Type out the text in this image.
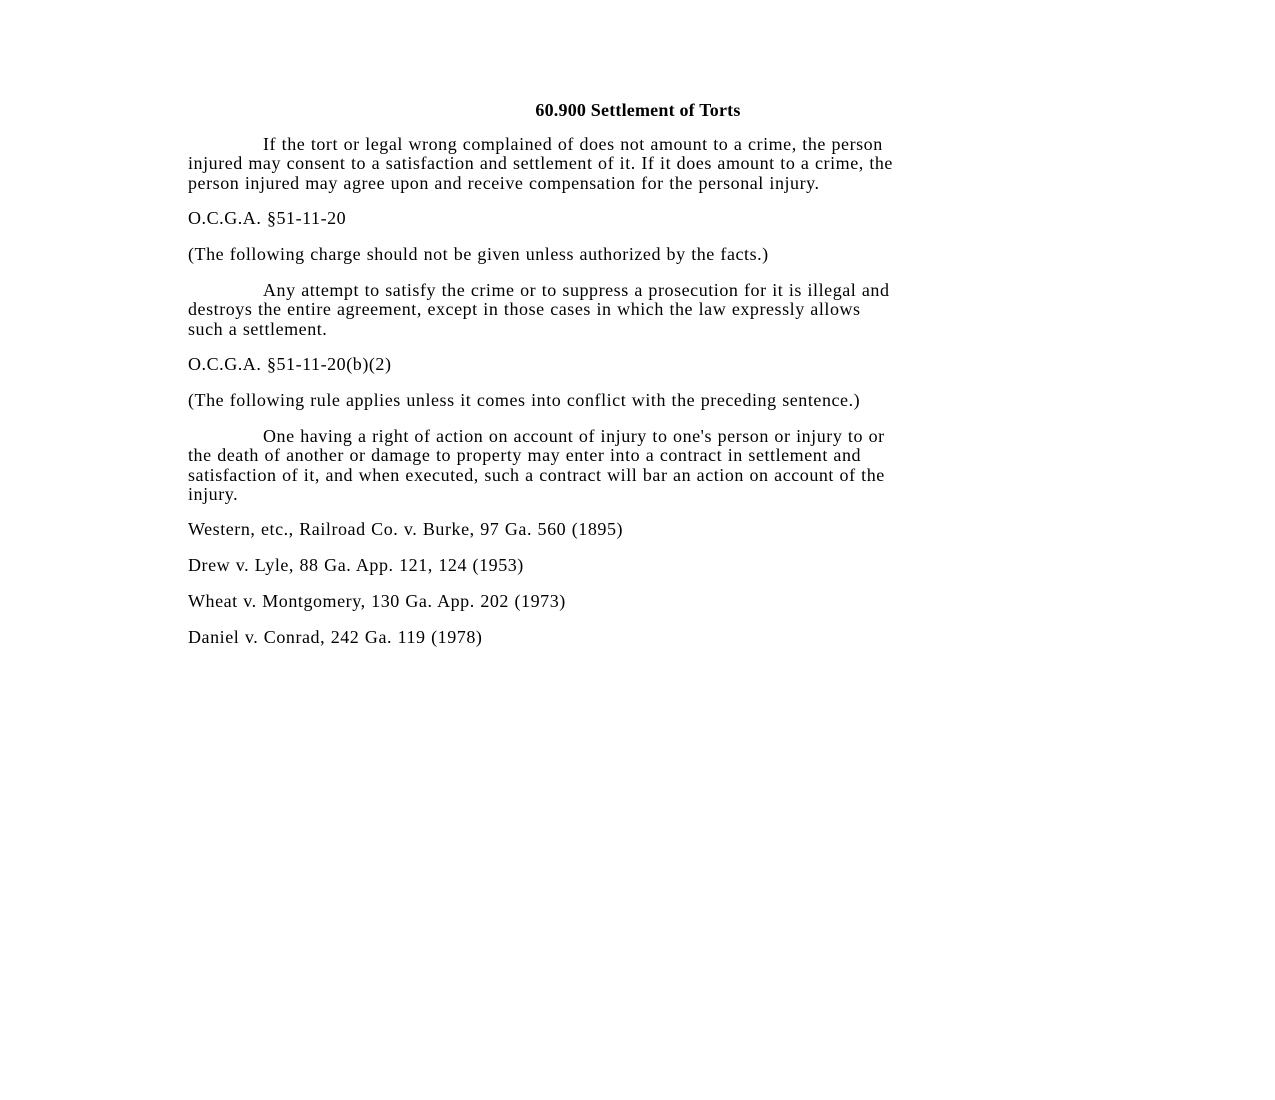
60.900 Settlement of Torts
If the tort or legal wrong complained of does not amount to a crime, the person
injured may consent to a satisfaction and settlement of it. If it does amount to a crime, the
person injured may agree upon and receive compensation for the personal injury.
O.C.G.A. §51-11-20
(The following charge should not be given unless authorized by the facts.)
Any attempt to satisfy the crime or to suppress a prosecution for it is illegal and
destroys the entire agreement, except in those cases in which the law expressly allows
such a settlement.
O.C.G.A. §51-11-20(b)(2)
(The following rule applies unless it comes into conflict with the preceding sentence.)
One having a right of action on account of injury to one's person or injury to or
the death of another or damage to property may enter into a contract in settlement and
satisfaction of it, and when executed, such a contract will bar an action on account of the
injury.
Western, etc., Railroad Co. v. Burke, 97 Ga. 560 (1895)
Drew v. Lyle, 88 Ga. App. 121, 124 (1953)
Wheat v. Montgomery, 130 Ga. App. 202 (1973)
Daniel v. Conrad, 242 Ga. 119 (1978)
